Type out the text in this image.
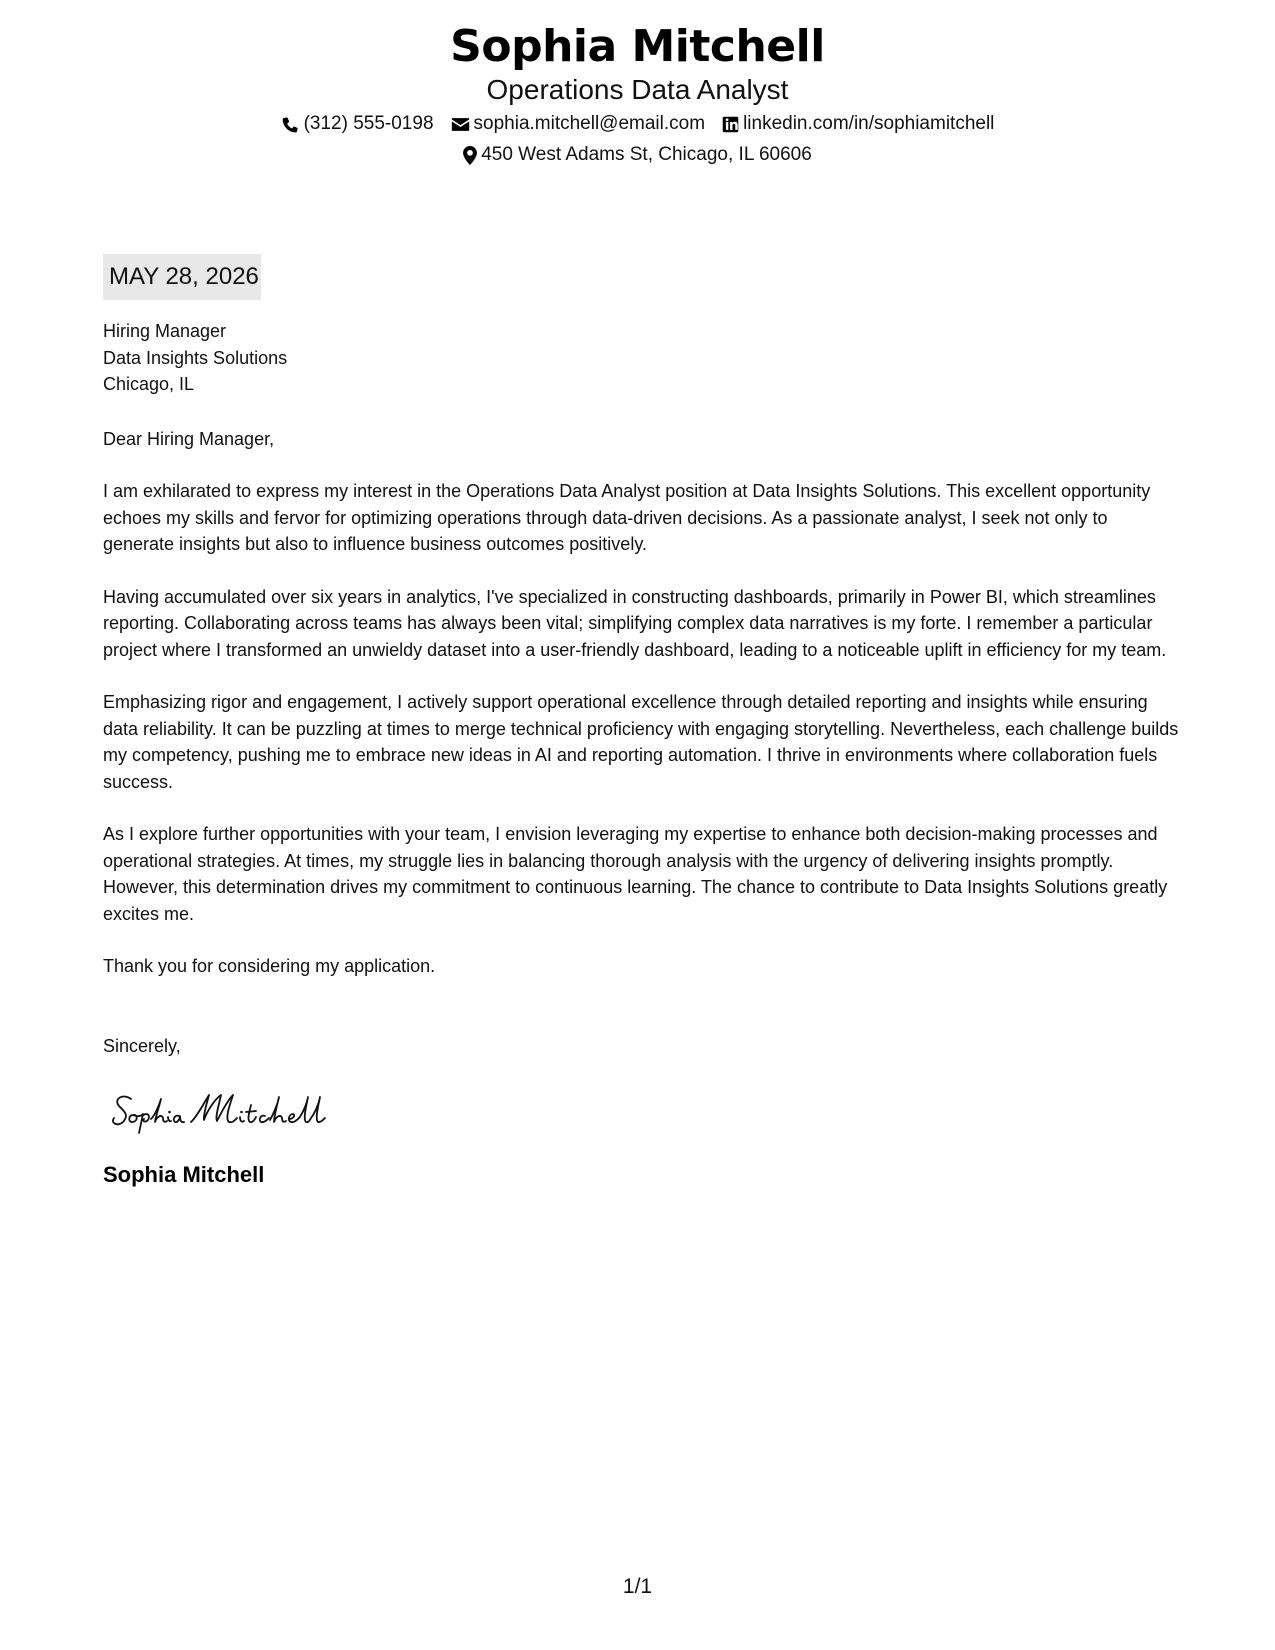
Sophia Mitchell
Operations Data Analyst
(312) 555-0198 sophia.mitchell@email.com linkedin.com/in/sophiamitchell
450 West Adams St, Chicago, IL 60606
MAY 28, 2026
Hiring Manager
Data Insights Solutions
Chicago, IL
Dear Hiring Manager,
I am exhilarated to express my interest in the Operations Data Analyst position at Data Insights Solutions. This excellent opportunity echoes my skills and fervor for optimizing operations through data-driven decisions. As a passionate analyst, I seek not only to generate insights but also to influence business outcomes positively.
Having accumulated over six years in analytics, I've specialized in constructing dashboards, primarily in Power BI, which streamlines reporting. Collaborating across teams has always been vital; simplifying complex data narratives is my forte. I remember a particular project where I transformed an unwieldy dataset into a user-friendly dashboard, leading to a noticeable uplift in efficiency for my team.
Emphasizing rigor and engagement, I actively support operational excellence through detailed reporting and insights while ensuring data reliability. It can be puzzling at times to merge technical proficiency with engaging storytelling. Nevertheless, each challenge builds my competency, pushing me to embrace new ideas in AI and reporting automation. I thrive in environments where collaboration fuels success.
As I explore further opportunities with your team, I envision leveraging my expertise to enhance both decision-making processes and operational strategies. At times, my struggle lies in balancing thorough analysis with the urgency of delivering insights promptly. However, this determination drives my commitment to continuous learning. The chance to contribute to Data Insights Solutions greatly excites me.
Thank you for considering my application.
Sincerely,
Sophia Mitchell
1/1
